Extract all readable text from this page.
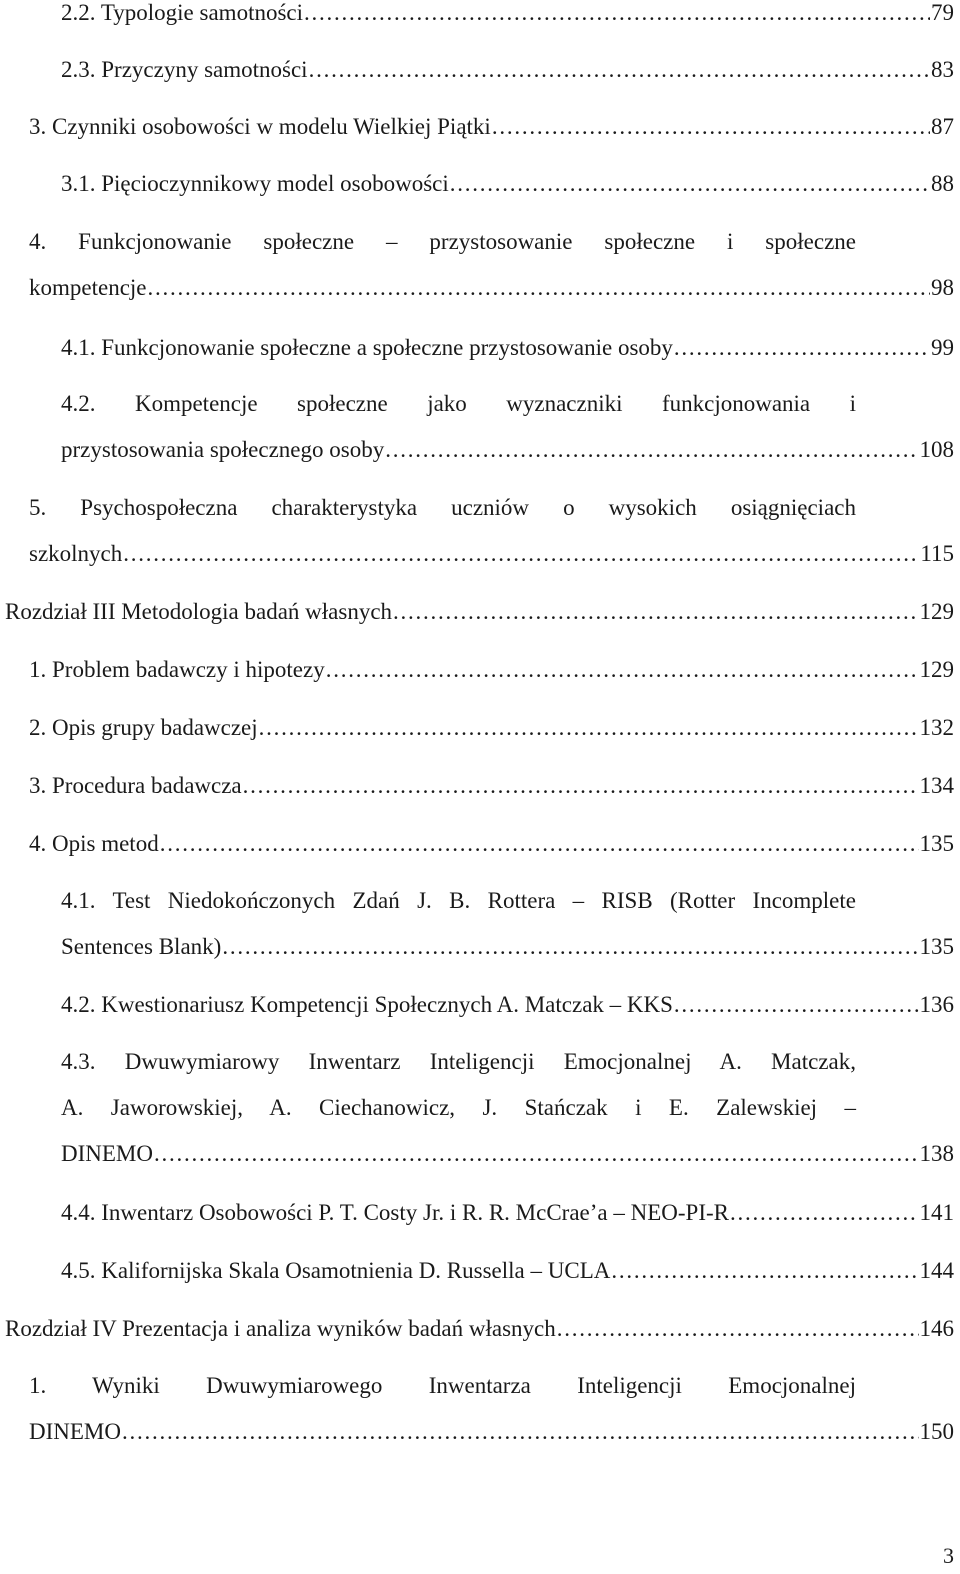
2.2. Typologie samotności . . .	79
2.3. Przyczyny samotności . . .	83
3. Czynniki osobowości w modelu Wielkiej Piątki . . .	87
3.1. Pięcioczynnikowy model osobowości . . .	88
4. Funkcjonowanie społeczne – przystosowanie społeczne i społeczne
kompetencje . . .	98
4.1. Funkcjonowanie społeczne a społeczne przystosowanie osoby . . .	99
4.2. Kompetencje społeczne jako wyznaczniki funkcjonowania i
przystosowania społecznego osoby . . .	108
5. Psychospołeczna charakterystyka uczniów o wysokich osiągnięciach
szkolnych . . .	115
Rozdział III Metodologia badań własnych . . .	129
1. Problem badawczy i hipotezy . . .	129
2. Opis grupy badawczej . . .	132
3. Procedura badawcza . . .	134
4. Opis metod . . .	135
4.1. Test Niedokończonych Zdań J. B. Rottera – RISB (Rotter Incomplete
Sentences Blank) . . .	135
4.2. Kwestionariusz Kompetencji Społecznych A. Matczak – KKS . . .	136
4.3. Dwuwymiarowy Inwentarz Inteligencji Emocjonalnej A. Matczak,
A. Jaworowskiej, A. Ciechanowicz, J. Stańczak i E. Zalewskiej –
DINEMO . . .	138
4.4. Inwentarz Osobowości P. T. Costy Jr. i R. R. McCrae’a – NEO-PI-R . . .	141
4.5. Kalifornijska Skala Osamotnienia D. Russella – UCLA . . .	144
Rozdział IV Prezentacja i analiza wyników badań własnych . . .	146
1. Wyniki Dwuwymiarowego Inwentarza Inteligencji Emocjonalnej
DINEMO . . .	150
3
